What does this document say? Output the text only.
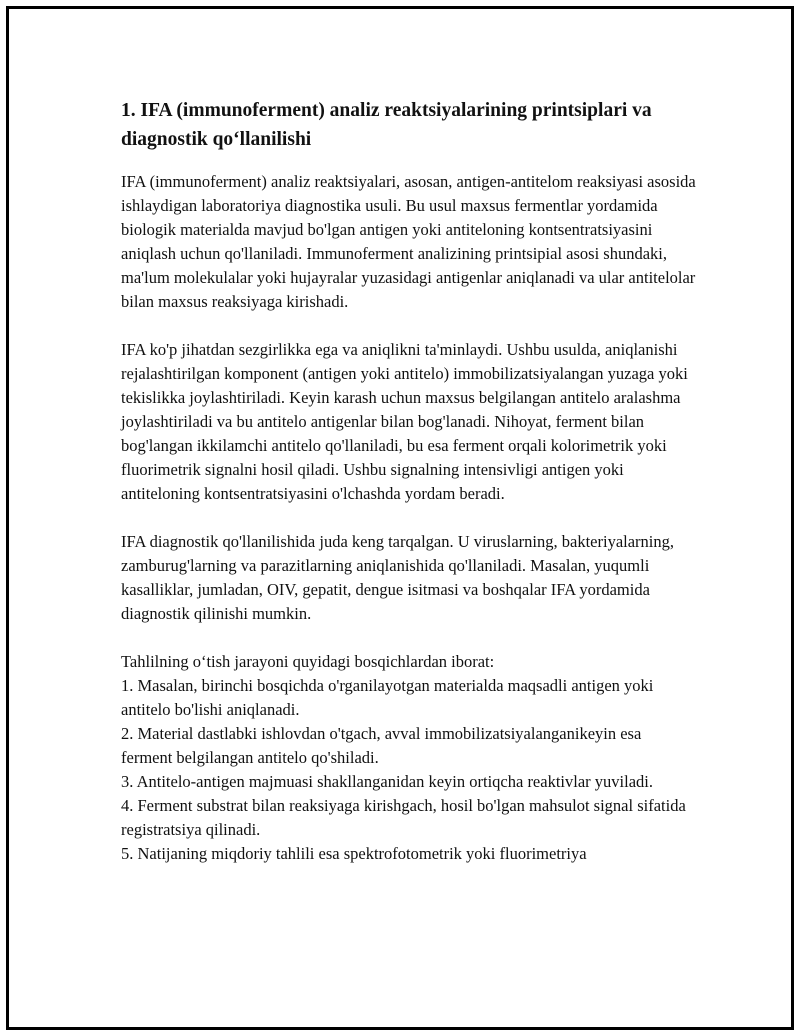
1. IFA (immunoferment) analiz reaktsiyalarining printsiplari va diagnostik qo‘llanilishi

IFA (immunoferment) analiz reaktsiyalari, asosan, antigen-antitelom reaksiyasi asosida ishlaydigan laboratoriya diagnostika usuli. Bu usul maxsus fermentlar yordamida biologik materialda mavjud bo'lgan antigen yoki antiteloning kontsentratsiyasini aniqlash uchun qo'llaniladi. Immunoferment analizining printsipial asosi shundaki, ma'lum molekulalar yoki hujayralar yuzasidagi antigenlar aniqlanadi va ular antitelolar bilan maxsus reaksiyaga kirishadi.

IFA ko'p jihatdan sezgirlikka ega va aniqlikni ta'minlaydi. Ushbu usulda, aniqlanishi rejalashtirilgan komponent (antigen yoki antitelo) immobilizatsiyalangan yuzaga yoki tekislikka joylashtiriladi. Keyin karash uchun maxsus belgilangan antitelo aralashma joylashtiriladi va bu antitelo antigenlar bilan bog'lanadi. Nihoyat, ferment bilan bog'langan ikkilamchi antitelo qo'llaniladi, bu esa ferment orqali kolorimetrik yoki fluorimetrik signalni hosil qiladi. Ushbu signalning intensivligi antigen yoki antiteloning kontsentratsiyasini o'lchashda yordam beradi.

IFA diagnostik qo'llanilishida juda keng tarqalgan. U viruslarning, bakteriyalarning, zamburug'larning va parazitlarning aniqlanishida qo'llaniladi. Masalan, yuqumli kasalliklar, jumladan, OIV, gepatit, dengue isitmasi va boshqalar IFA yordamida diagnostik qilinishi mumkin.

Tahlilning o‘tish jarayoni quyidagi bosqichlardan iborat:

1. Masalan, birinchi bosqichda o'rganilayotgan materialda maqsadli antigen yoki antitelo bo'lishi aniqlanadi.

2. Material dastlabki ishlovdan o'tgach, avval immobilizatsiyalanganikeyin esa ferment belgilangan antitelo qo'shiladi.

3. Antitelo-antigen majmuasi shakllanganidan keyin ortiqcha reaktivlar yuviladi.

4. Ferment substrat bilan reaksiyaga kirishgach, hosil bo'lgan mahsulot signal sifatida registratsiya qilinadi.

5. Natijaning miqdoriy tahlili esa spektrofotometrik yoki fluorimetriya
